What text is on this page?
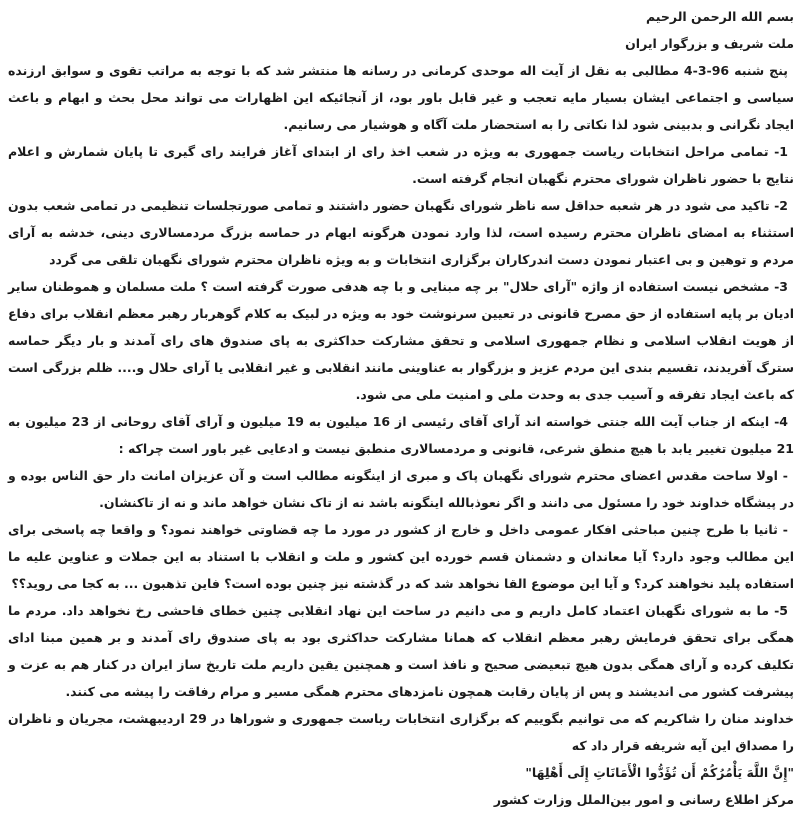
بسم الله الرحمن الرحیم

ملت شریف و بزرگوار ایران

پنج شنبه 96-3-4 مطالبی به نقل از آیت اله موحدی کرمانی در رسانه ها منتشر شد که با توجه به مراتب تقوی و سوابق ارزنده سیاسی و اجتماعی ایشان بسیار مایه تعجب و غیر قابل باور بود، از آنجائیکه این اظهارات می تواند محل بحث و ابهام و باعث ایجاد نگرانی و بدبینی شود لذا نکاتی را به استحضار ملت آگاه و هوشیار می رسانیم.

1- تمامی مراحل انتخابات ریاست جمهوری به ویژه در شعب اخذ رای از ابتدای آغاز فرایند رای گیری تا پایان شمارش و اعلام نتایج با حضور ناظران شورای محترم نگهبان انجام گرفته است.

2- تاکید می شود در هر شعبه حداقل سه ناظر شورای نگهبان حضور داشتند و تمامی صورتجلسات تنظیمی در تمامی شعب بدون استثناء به امضای ناظران محترم رسیده است، لذا وارد نمودن هرگونه ابهام در حماسه بزرگ مردمسالاری دینی، خدشه به آرای مردم و توهین و بی اعتبار نمودن دست اندرکاران برگزاری انتخابات و به ویژه ناظران محترم شورای نگهبان تلقی می گردد

3- مشخص نیست استفاده از واژه "آرای حلال" بر چه مبنایی و با چه هدفی صورت گرفته است ؟ ملت مسلمان و هموطنان سایر ادیان بر پایه استفاده از حق مصرح قانونی در تعیین سرنوشت خود به ویژه در لبیک به کلام گوهربار رهبر معظم انقلاب برای دفاع از هویت انقلاب اسلامی و نظام جمهوری اسلامی و تحقق مشارکت حداکثری به پای صندوق های رای آمدند و بار دیگر حماسه سترگ آفریدند، تقسیم بندی این مردم عزیز و بزرگوار به عناوینی مانند انقلابی و غیر انقلابی یا آرای حلال و.... ظلم بزرگی است که باعث ایجاد تفرقه و آسیب جدی به وحدت ملی و امنیت ملی می شود.

4- اینکه از جناب آیت الله جنتی خواسته اند آرای آقای رئیسی از 16 میلیون به 19 میلیون و آرای آقای روحانی از 23 میلیون به 21 میلیون تغییر یابد با هیچ منطق شرعی، قانونی و مردمسالاری منطبق نیست و ادعایی غیر باور است چراکه :

- اولا ساحت مقدس اعضای محترم شورای نگهبان پاک و مبری از اینگونه مطالب است و آن عزیزان امانت دار حق الناس بوده و در پیشگاه خداوند خود را مسئول می دانند و اگر نعوذبالله اینگونه باشد نه از تاک نشان خواهد ماند و نه از تاکنشان.

- ثانیا با طرح چنین مباحثی افکار عمومی داخل و خارج از کشور در مورد ما چه قضاوتی خواهند نمود؟ و واقعا چه پاسخی برای این مطالب وجود دارد؟ آیا معاندان و دشمنان قسم خورده این کشور و ملت و انقلاب با استناد به این جملات و عناوین علیه ما استفاده پلید نخواهند کرد؟ و آیا این موضوع القا نخواهد شد که در گذشته نیز چنین بوده است؟ فاین تذهبون ... به کجا می روید؟؟

5- ما به شورای نگهبان اعتماد کامل داریم و می دانیم در ساحت این نهاد انقلابی چنین خطای فاحشی رخ نخواهد داد. مردم ما همگی برای تحقق فرمایش رهبر معظم انقلاب که همانا مشارکت حداکثری بود به پای صندوق رای آمدند و بر همین مبنا ادای تکلیف کرده و آرای همگی بدون هیچ تبعیضی صحیح و نافذ است و همچنین یقین داریم ملت تاریخ ساز ایران در کنار هم به عزت و پیشرفت کشور می اندیشند و پس از پایان رقابت همچون نامزدهای محترم همگی مسیر و مرام رفاقت را پیشه می کنند.

خداوند منان را شاکریم که می توانیم بگوییم که برگزاری انتخابات ریاست جمهوری و شوراها در 29 اردیبهشت، مجریان و ناظران را مصداق این آیه شریفه قرار داد که

"إِنَّ اللَّهَ يَأْمُرُكُمْ أَن تُؤَدُّوا الْأَمَانَاتِ إِلَى أَهْلِهَا"

مرکز اطلاع رسانی و امور بین‌الملل وزارت کشور
